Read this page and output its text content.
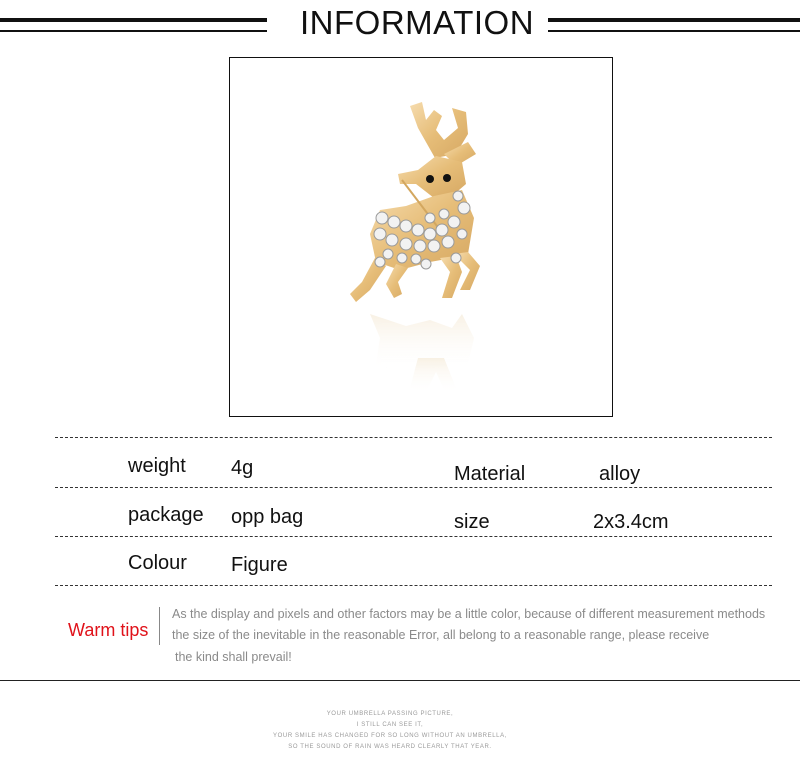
INFORMATION
weight 4g	Material	alloy
package opp bag	size	2x3.4cm
Colour Figure
Warm tips
As the display and pixels and other factors may be a little color, because of different measurement methods
the size of the inevitable in the reasonable Error, all belong to a reasonable range, please receive
the kind shall prevail!
YOUR UMBRELLA PASSING PICTURE,
I STILL CAN SEE IT,
YOUR SMILE HAS CHANGED FOR SO LONG WITHOUT AN UMBRELLA,
SO THE SOUND OF RAIN WAS HEARD CLEARLY THAT YEAR.
